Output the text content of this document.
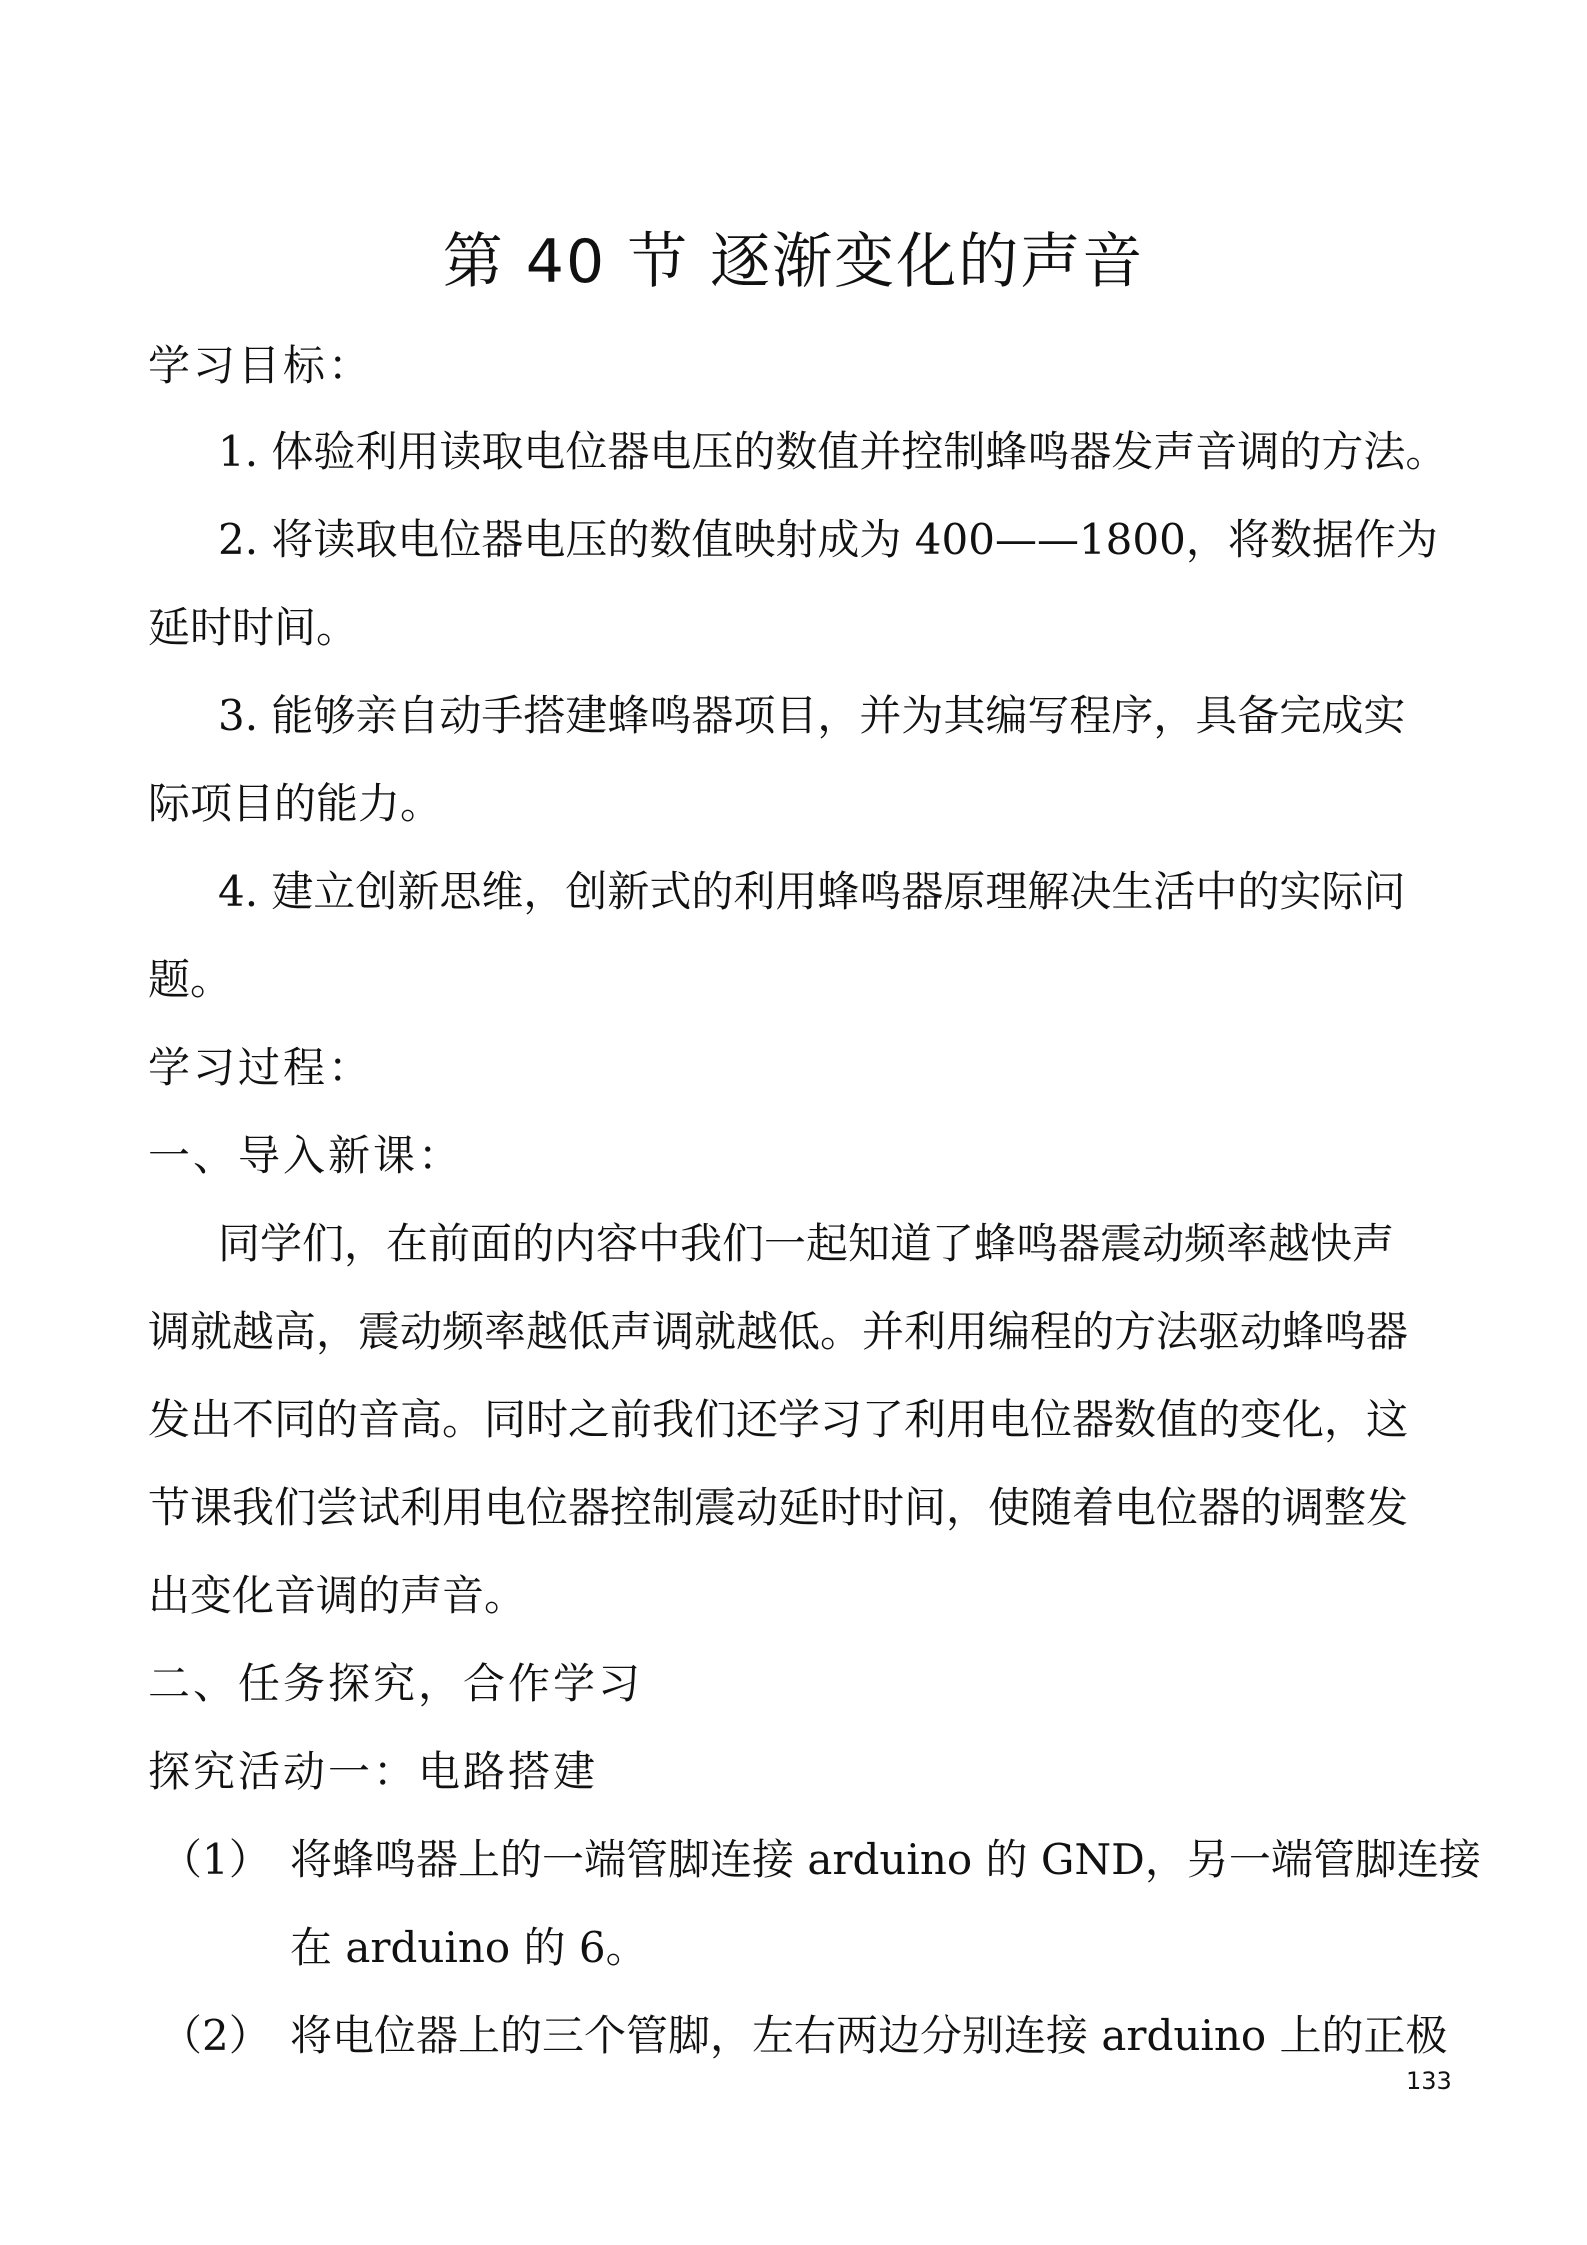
第 40 节 逐渐变化的声音
学习目标：
1. 体验利用读取电位器电压的数值并控制蜂鸣器发声音调的方法。
2. 将读取电位器电压的数值映射成为 400——1800，将数据作为
延时时间。
3. 能够亲自动手搭建蜂鸣器项目，并为其编写程序，具备完成实
际项目的能力。
4. 建立创新思维，创新式的利用蜂鸣器原理解决生活中的实际问
题。
学习过程：
一、导入新课：
同学们，在前面的内容中我们一起知道了蜂鸣器震动频率越快声
调就越高，震动频率越低声调就越低。并利用编程的方法驱动蜂鸣器
发出不同的音高。同时之前我们还学习了利用电位器数值的变化，这
节课我们尝试利用电位器控制震动延时时间，使随着电位器的调整发
出变化音调的声音。
二、任务探究，合作学习
探究活动一：电路搭建
（1） 将蜂鸣器上的一端管脚连接 arduino 的 GND，另一端管脚连接
在 arduino 的 6。
（2） 将电位器上的三个管脚，左右两边分别连接 arduino 上的正极
133
